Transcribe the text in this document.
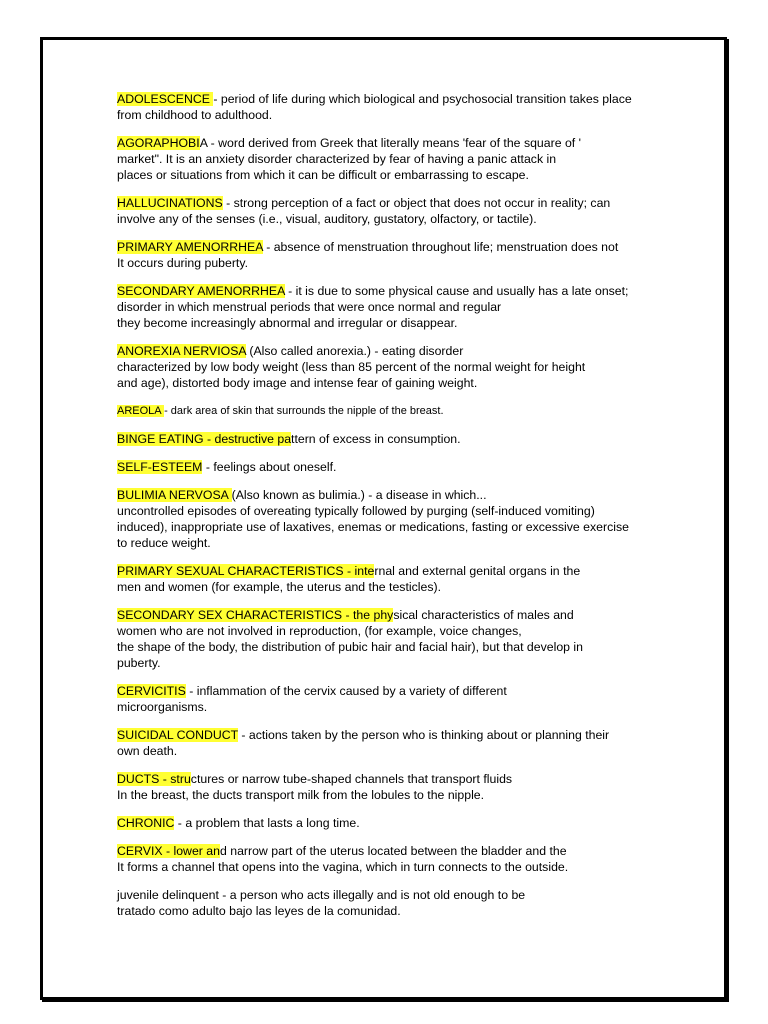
ADOLESCENCE - period of life during which biological and psychosocial transition takes place
from childhood to adulthood.
AGORAPHOBIA - word derived from Greek that literally means 'fear of the square of '
market". It is an anxiety disorder characterized by fear of having a panic attack in
places or situations from which it can be difficult or embarrassing to escape.
HALLUCINATIONS - strong perception of a fact or object that does not occur in reality; can
involve any of the senses (i.e., visual, auditory, gustatory, olfactory, or tactile).
PRIMARY AMENORRHEA - absence of menstruation throughout life; menstruation does not
It occurs during puberty.
SECONDARY AMENORRHEA - it is due to some physical cause and usually has a late onset;
disorder in which menstrual periods that were once normal and regular
they become increasingly abnormal and irregular or disappear.
ANOREXIA NERVIOSA (Also called anorexia.) - eating disorder
characterized by low body weight (less than 85 percent of the normal weight for height
and age), distorted body image and intense fear of gaining weight.
AREOLA - dark area of skin that surrounds the nipple of the breast.
BINGE EATING - destructive pattern of excess in consumption.
SELF-ESTEEM - feelings about oneself.
BULIMIA NERVOSA (Also known as bulimia.) - a disease in which...
uncontrolled episodes of overeating typically followed by purging (self-induced vomiting)
induced), inappropriate use of laxatives, enemas or medications, fasting or excessive exercise
to reduce weight.
PRIMARY SEXUAL CHARACTERISTICS - internal and external genital organs in the
men and women (for example, the uterus and the testicles).
SECONDARY SEX CHARACTERISTICS - the physical characteristics of males and
women who are not involved in reproduction, (for example, voice changes,
the shape of the body, the distribution of pubic hair and facial hair), but that develop in
puberty.
CERVICITIS - inflammation of the cervix caused by a variety of different
microorganisms.
SUICIDAL CONDUCT - actions taken by the person who is thinking about or planning their
own death.
DUCTS - structures or narrow tube-shaped channels that transport fluids
In the breast, the ducts transport milk from the lobules to the nipple.
CHRONIC - a problem that lasts a long time.
CERVIX - lower and narrow part of the uterus located between the bladder and the
It forms a channel that opens into the vagina, which in turn connects to the outside.
juvenile delinquent - a person who acts illegally and is not old enough to be
tratado como adulto bajo las leyes de la comunidad.
